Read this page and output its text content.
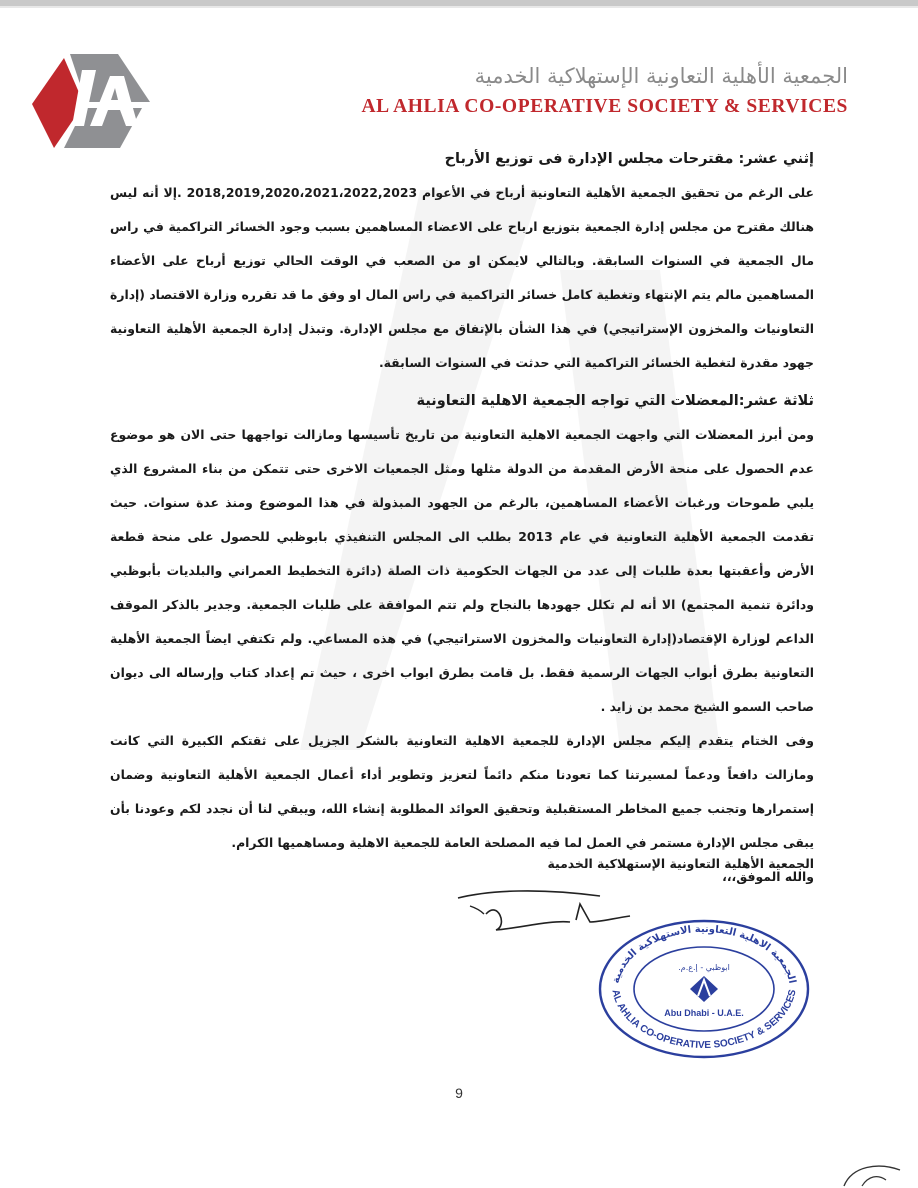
الجمعية الأهلية التعاونية الإستهلاكية الخدمية
AL AHLIA CO-OPERATIVE SOCIETY & SERVICES

إثني عشر: مقترحات مجلس الإدارة فى توزيع الأرباح

على الرغم من تحقيق الجمعية الأهلية التعاونية أرباح في الأعوام 2018,2019,2020،2021،2022,2023 .إلا أنه ليس هنالك مقترح من مجلس إدارة الجمعية بتوزيع ارباح على الاعضاء المساهمين بسبب وجود الخسائر التراكمية في راس مال الجمعية في السنوات السابقة. وبالتالي لايمكن او من الصعب في الوقت الحالي توزيع أرباح على الأعضاء المساهمين مالم يتم الإنتهاء وتغطية كامل خسائر التراكمية في راس المال او وفق ما قد تقرره وزارة الاقتصاد (إدارة التعاونيات والمخزون الإستراتيجي) في هذا الشأن بالإتفاق مع مجلس الإدارة. وتبذل إدارة الجمعية الأهلية التعاونية جهود مقدرة لتغطية الخسائر التراكمية التي حدثت في السنوات السابقة.

ثلاثة عشر:المعضلات التي تواجه الجمعية الاهلية التعاونية

ومن أبرز المعضلات التي واجهت الجمعية الاهلية التعاونية من تاريخ تأسيسها ومازالت تواجهها حتى الان هو موضوع عدم الحصول على منحة الأرض المقدمة من الدولة مثلها ومثل الجمعيات الاخرى حتى تتمكن من بناء المشروع الذي يلبي طموحات ورغبات الأعضاء المساهمين، بالرغم من الجهود المبذولة في هذا الموضوع ومنذ عدة سنوات. حيث تقدمت الجمعية الأهلية التعاونية في عام 2013 بطلب الى المجلس التنفيذي بابوظبي للحصول على منحة قطعة الأرض وأعقبتها بعدة طلبات إلى عدد من الجهات الحكومية ذات الصلة (دائرة التخطيط العمراني والبلديات بأبوظبي ودائرة تنمية المجتمع) الا أنه لم تكلل جهودها بالنجاح ولم تتم الموافقة على طلبات الجمعية. وجدير بالذكر الموقف الداعم لوزارة الإقتصاد(إدارة التعاونيات والمخزون الاستراتيجي) في هذه المساعي. ولم تكتفي ايضاً الجمعية الأهلية التعاونية بطرق أبواب الجهات الرسمية فقط. بل قامت بطرق ابواب اخرى ، حيث تم إعداد كتاب وإرساله الى ديوان صاحب السمو الشيخ محمد بن زايد .

وفى الختام يتقدم إليكم مجلس الإدارة للجمعية الاهلية التعاونية بالشكر الجزيل على ثقتكم الكبيرة التي كانت ومازالت دافعاً ودعماً لمسيرتنا كما تعودنا منكم دائماً لتعزيز وتطوير أداء أعمال الجمعية الأهلية التعاونية وضمان إستمرارها وتجنب جميع المخاطر المستقبلية وتحقيق العوائد المطلوبة إنشاء الله، ويبقي لنا أن نجدد لكم وعودنا بأن يبقى مجلس الإدارة مستمر في العمل لما فيه المصلحة العامة للجمعية الاهلية ومساهميها الكرام.

والله الموفق،،،

الجمعية الأهلية التعاونية الإستهلاكية الخدمية
الجمعية الاهلية التعاونية الاستهلاكية الخدمية
AL AHLIA CO-OPERATIVE SOCIETY & SERVICES
ابوظبي - إ.ع.م.
Abu Dhabi - U.A.E.
9
